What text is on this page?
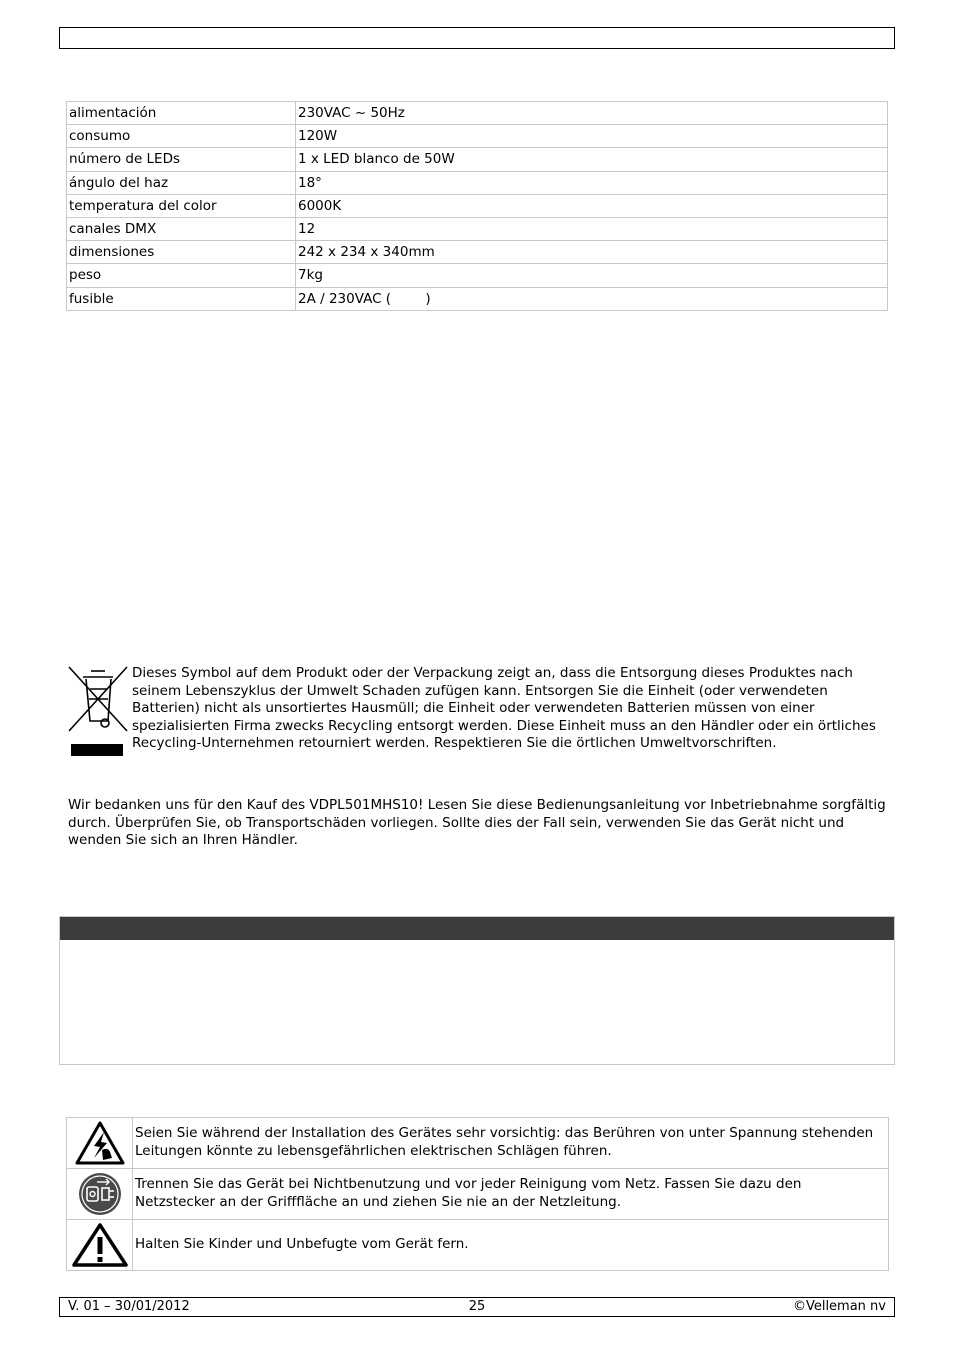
alimentación	230VAC ~ 50Hz
consumo	120W
número de LEDs	1 x LED blanco de 50W
ángulo del haz	18°
temperatura del color	6000K
canales DMX	12
dimensiones	242 x 234 x 340mm
peso	7kg
fusible	2A / 230VAC (        )
Dieses Symbol auf dem Produkt oder der Verpackung zeigt an, dass die Entsorgung dieses Produktes nach seinem Lebenszyklus der Umwelt Schaden zufügen kann. Entsorgen Sie die Einheit (oder verwendeten Batterien) nicht als unsortiertes Hausmüll; die Einheit oder verwendeten Batterien müssen von einer spezialisierten Firma zwecks Recycling entsorgt werden. Diese Einheit muss an den Händler oder ein örtliches Recycling-Unternehmen retourniert werden. Respektieren Sie die örtlichen Umweltvorschriften.
Wir bedanken uns für den Kauf des VDPL501MHS10! Lesen Sie diese Bedienungsanleitung vor Inbetriebnahme sorgfältig durch. Überprüfen Sie, ob Transportschäden vorliegen. Sollte dies der Fall sein, verwenden Sie das Gerät nicht und wenden Sie sich an Ihren Händler.
	Seien Sie während der Installation des Gerätes sehr vorsichtig: das Berühren von unter Spannung stehenden Leitungen könnte zu lebensgefährlichen elektrischen Schlägen führen.

	Trennen Sie das Gerät bei Nichtbenutzung und vor jeder Reinigung vom Netz. Fassen Sie dazu den Netzstecker an der Grifffläche an und ziehen Sie nie an der Netzleitung.

	Halten Sie Kinder und Unbefugte vom Gerät fern.
25
V. 01 – 30/01/2012	©Velleman nv
